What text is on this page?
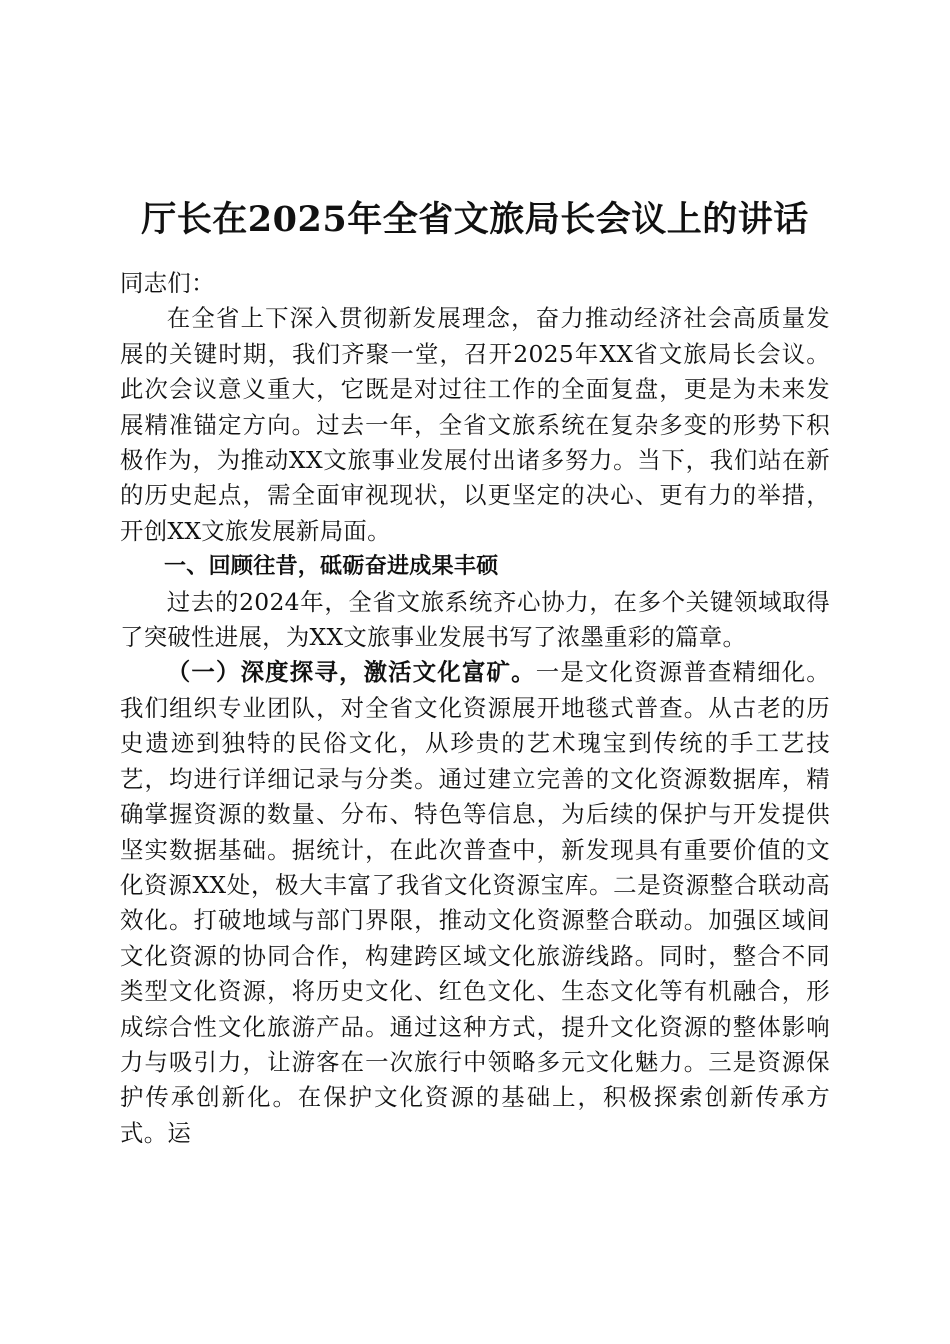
厅长在2025年全省文旅局长会议上的讲话

同志们：

在全省上下深入贯彻新发展理念，奋力推动经济社会高质量发展的关键时期，我们齐聚一堂，召开2025年XX省文旅局长会议。此次会议意义重大，它既是对过往工作的全面复盘，更是为未来发展精准锚定方向。过去一年，全省文旅系统在复杂多变的形势下积极作为，为推动XX文旅事业发展付出诸多努力。当下，我们站在新的历史起点，需全面审视现状，以更坚定的决心、更有力的举措，开创XX文旅发展新局面。

一、回顾往昔，砥砺奋进成果丰硕

过去的2024年，全省文旅系统齐心协力，在多个关键领域取得了突破性进展，为XX文旅事业发展书写了浓墨重彩的篇章。

（一）深度探寻，激活文化富矿。一是文化资源普查精细化。我们组织专业团队，对全省文化资源展开地毯式普查。从古老的历史遗迹到独特的民俗文化，从珍贵的艺术瑰宝到传统的手工艺技艺，均进行详细记录与分类。通过建立完善的文化资源数据库，精确掌握资源的数量、分布、特色等信息，为后续的保护与开发提供坚实数据基础。据统计，在此次普查中，新发现具有重要价值的文化资源XX处，极大丰富了我省文化资源宝库。二是资源整合联动高效化。打破地域与部门界限，推动文化资源整合联动。加强区域间文化资源的协同合作，构建跨区域文化旅游线路。同时，整合不同类型文化资源，将历史文化、红色文化、生态文化等有机融合，形成综合性文化旅游产品。通过这种方式，提升文化资源的整体影响力与吸引力，让游客在一次旅行中领略多元文化魅力。三是资源保护传承创新化。在保护文化资源的基础上，积极探索创新传承方式。运
